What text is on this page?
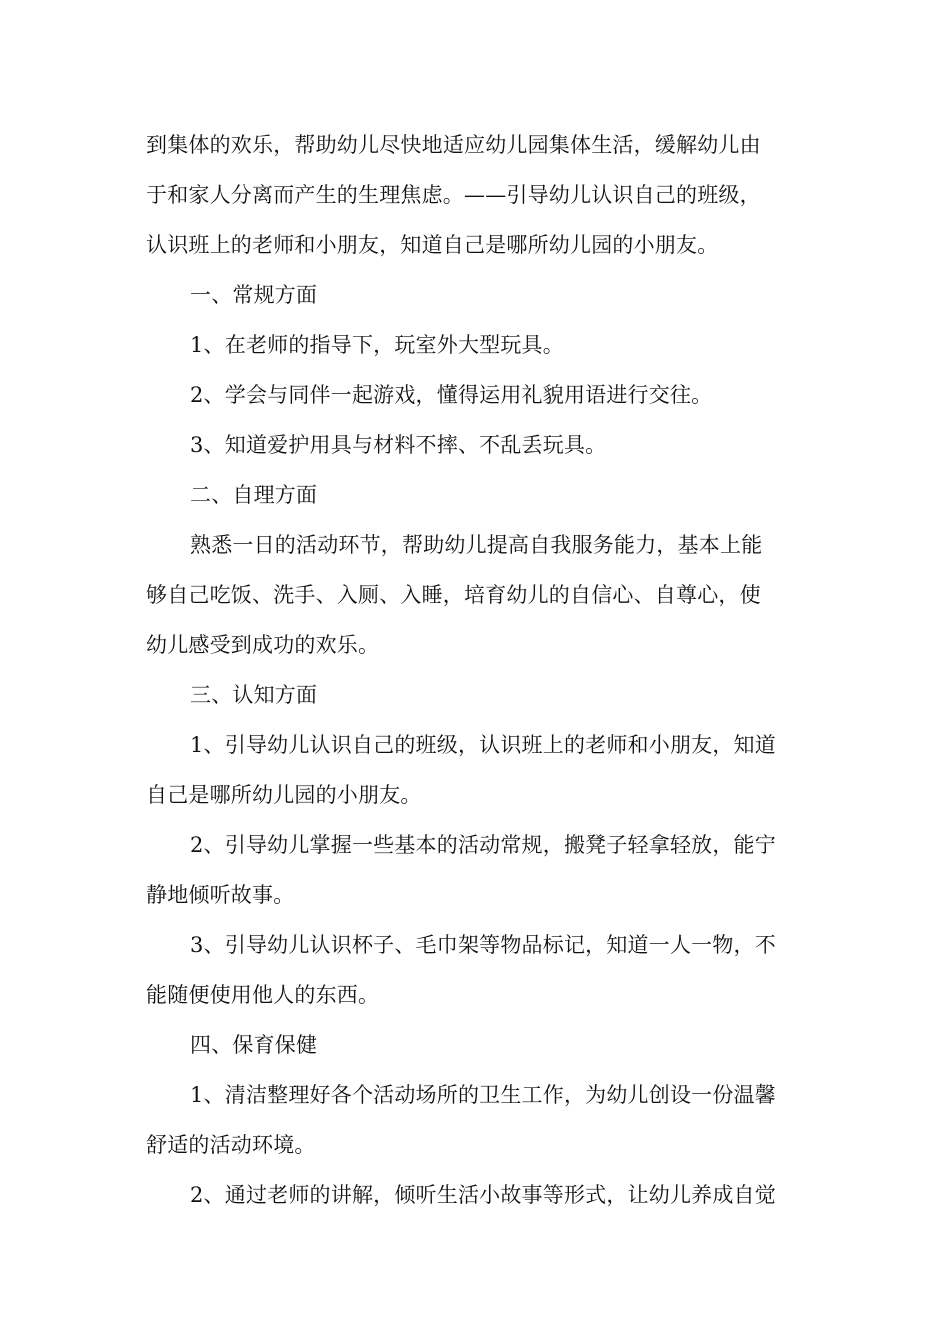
到集体的欢乐，帮助幼儿尽快地适应幼儿园集体生活，缓解幼儿由
于和家人分离而产生的生理焦虑。——引导幼儿认识自己的班级，
认识班上的老师和小朋友，知道自己是哪所幼儿园的小朋友。
一、常规方面
1、在老师的指导下，玩室外大型玩具。
2、学会与同伴一起游戏，懂得运用礼貌用语进行交往。
3、知道爱护用具与材料不摔、不乱丢玩具。
二、自理方面
熟悉一日的活动环节，帮助幼儿提高自我服务能力，基本上能
够自己吃饭、洗手、入厕、入睡，培育幼儿的自信心、自尊心，使
幼儿感受到成功的欢乐。
三、认知方面
1、引导幼儿认识自己的班级，认识班上的老师和小朋友，知道
自己是哪所幼儿园的小朋友。
2、引导幼儿掌握一些基本的活动常规，搬凳子轻拿轻放，能宁
静地倾听故事。
3、引导幼儿认识杯子、毛巾架等物品标记，知道一人一物，不
能随便使用他人的东西。
四、保育保健
1、清洁整理好各个活动场所的卫生工作，为幼儿创设一份温馨
舒适的活动环境。
2、通过老师的讲解，倾听生活小故事等形式，让幼儿养成自觉
